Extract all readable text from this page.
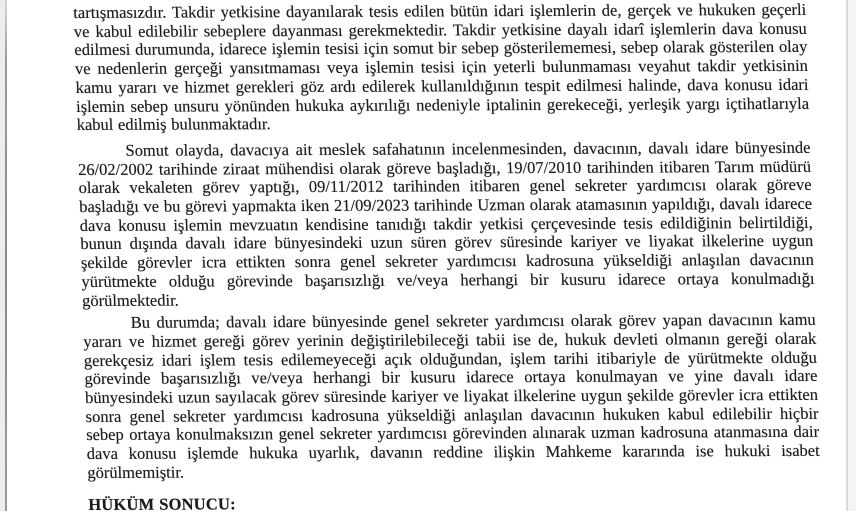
tartışmasızdır. Takdir yetkisine dayanılarak tesis edilen bütün idari işlemlerin de, gerçek ve hukuken geçerli ve kabul edilebilir sebeplere dayanması gerekmektedir. Takdir yetkisine dayalı idarî işlemlerin dava konusu edilmesi durumunda, idarece işlemin tesisi için somut bir sebep gösterilememesi, sebep olarak gösterilen olay ve nedenlerin gerçeği yansıtmaması veya işlemin tesisi için yeterli bulunmaması veyahut takdir yetkisinin kamu yararı ve hizmet gerekleri göz ardı edilerek kullanıldığının tespit edilmesi halinde, dava konusu idari işlemin sebep unsuru yönünden hukuka aykırılığı nedeniyle iptalinin gerekeceği, yerleşik yargı içtihatlarıyla kabul edilmiş bulunmaktadır.

Somut olayda, davacıya ait meslek safahatının incelenmesinden, davacının, davalı idare bünyesinde 26/02/2002 tarihinde ziraat mühendisi olarak göreve başladığı, 19/07/2010 tarihinden itibaren Tarım müdürü olarak vekaleten görev yaptığı, 09/11/2012 tarihinden itibaren genel sekreter yardımcısı olarak göreve başladığı ve bu görevi yapmakta iken 21/09/2023 tarihinde Uzman olarak atamasının yapıldığı, davalı idarece dava konusu işlemin mevzuatın kendisine tanıdığı takdir yetkisi çerçevesinde tesis edildiğinin belirtildiği, bunun dışında davalı idare bünyesindeki uzun süren görev süresinde kariyer ve liyakat ilkelerine uygun şekilde görevler icra ettikten sonra genel sekreter yardımcısı kadrosuna yükseldiği anlaşılan davacının yürütmekte olduğu görevinde başarısızlığı ve/veya herhangi bir kusuru idarece ortaya konulmadığı görülmektedir.

Bu durumda; davalı idare bünyesinde genel sekreter yardımcısı olarak görev yapan davacının kamu yararı ve hizmet gereği görev yerinin değiştirilebileceği tabii ise de, hukuk devleti olmanın gereği olarak gerekçesiz idari işlem tesis edilemeyeceği açık olduğundan, işlem tarihi itibariyle de yürütmekte olduğu görevinde başarısızlığı ve/veya herhangi bir kusuru idarece ortaya konulmayan ve yine davalı idare bünyesindeki uzun sayılacak görev süresinde kariyer ve liyakat ilkelerine uygun şekilde görevler icra ettikten sonra genel sekreter yardımcısı kadrosuna yükseldiği anlaşılan davacının hukuken kabul edilebilir hiçbir sebep ortaya konulmaksızın genel sekreter yardımcısı görevinden alınarak uzman kadrosuna atanmasına dair dava konusu işlemde hukuka uyarlık, davanın reddine ilişkin Mahkeme kararında ise hukuki isabet görülmemiştir.

HÜKÜM SONUCU:
